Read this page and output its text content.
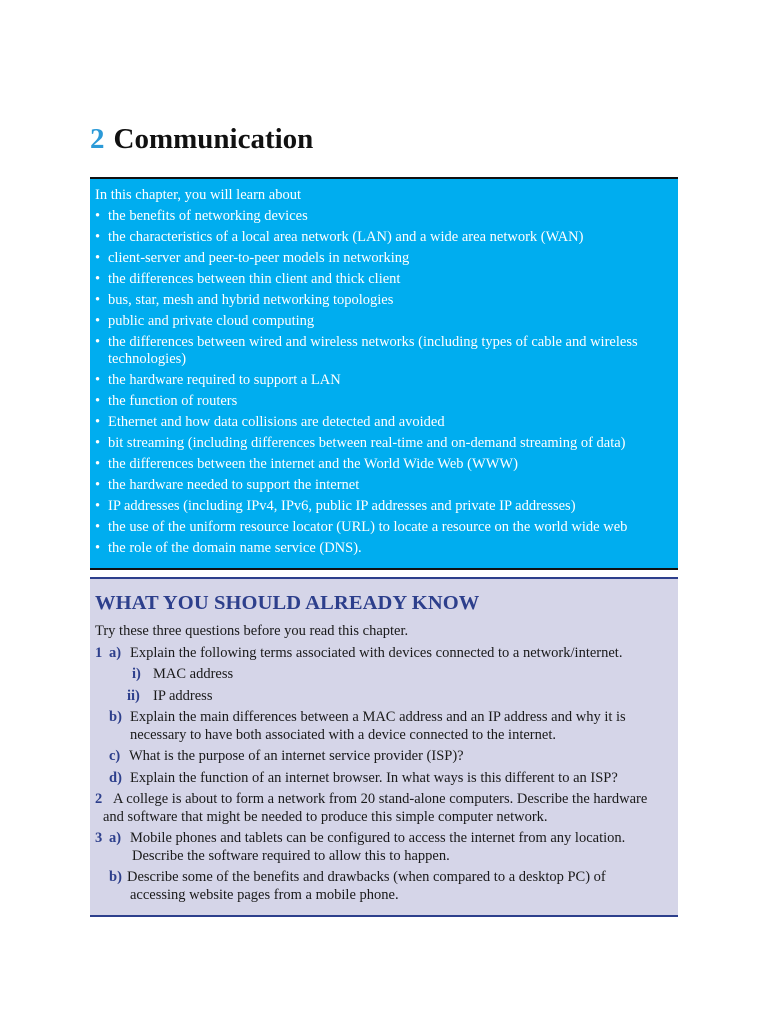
2 Communication

In this chapter, you will learn about

• the benefits of networking devices
• the characteristics of a local area network (LAN) and a wide area network (WAN)
• client-server and peer-to-peer models in networking
• the differences between thin client and thick client
• bus, star, mesh and hybrid networking topologies
• public and private cloud computing
• the differences between wired and wireless networks (including types of cable and wireless technologies)
• the hardware required to support a LAN
• the function of routers
• Ethernet and how data collisions are detected and avoided
• bit streaming (including differences between real-time and on-demand streaming of data)
• the differences between the internet and the World Wide Web (WWW)
• the hardware needed to support the internet
• IP addresses (including IPv4, IPv6, public IP addresses and private IP addresses)
• the use of the uniform resource locator (URL) to locate a resource on the world wide web
• the role of the domain name service (DNS).
WHAT YOU SHOULD ALREADY KNOW

Try these three questions before you read this chapter.

1 a) Explain the following terms associated with devices connected to a network/internet.
i) MAC address
ii) IP address
b) Explain the main differences between a MAC address and an IP address and why it is
necessary to have both associated with a device connected to the internet.
c) What is the purpose of an internet service provider (ISP)?
d) Explain the function of an internet browser. In what ways is this different to an ISP?
2 A college is about to form a network from 20 stand-alone computers. Describe the hardware
and software that might be needed to produce this simple computer network.
3 a) Mobile phones and tablets can be configured to access the internet from any location.
Describe the software required to allow this to happen.
b) Describe some of the benefits and drawbacks (when compared to a desktop PC) of
accessing website pages from a mobile phone.
